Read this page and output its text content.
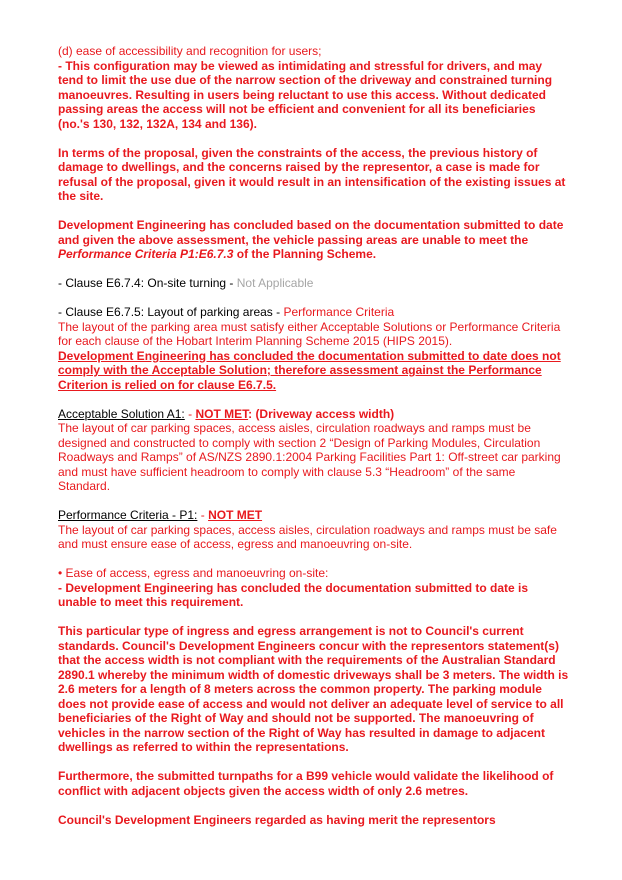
(d) ease of accessibility and recognition for users;

- This configuration may be viewed as intimidating and stressful for drivers, and may tend to limit the use due of the narrow section of the driveway and constrained turning manoeuvres. Resulting in users being reluctant to use this access. Without dedicated passing areas the access will not be efficient and convenient for all its beneficiaries (no.'s 130, 132, 132A, 134 and 136).

In terms of the proposal, given the constraints of the access, the previous history of damage to dwellings, and the concerns raised by the representor, a case is made for refusal of the proposal, given it would result in an intensification of the existing issues at the site.

Development Engineering has concluded based on the documentation submitted to date and given the above assessment, the vehicle passing areas are unable to meet the Performance Criteria P1:E6.7.3 of the Planning Scheme.

- Clause E6.7.4: On-site turning - Not Applicable

- Clause E6.7.5: Layout of parking areas - Performance Criteria

The layout of the parking area must satisfy either Acceptable Solutions or Performance Criteria for each clause of the Hobart Interim Planning Scheme 2015 (HIPS 2015).

Development Engineering has concluded the documentation submitted to date does not comply with the Acceptable Solution; therefore assessment against the Performance Criterion is relied on for clause E6.7.5.

Acceptable Solution A1: - NOT MET: (Driveway access width)

The layout of car parking spaces, access aisles, circulation roadways and ramps must be designed and constructed to comply with section 2 “Design of Parking Modules, Circulation Roadways and Ramps” of AS/NZS 2890.1:2004 Parking Facilities Part 1: Off-street car parking and must have sufficient headroom to comply with clause 5.3 “Headroom” of the same Standard.

Performance Criteria - P1: - NOT MET

The layout of car parking spaces, access aisles, circulation roadways and ramps must be safe and must ensure ease of access, egress and manoeuvring on-site.

• Ease of access, egress and manoeuvring on-site:

- Development Engineering has concluded the documentation submitted to date is unable to meet this requirement.

This particular type of ingress and egress arrangement is not to Council's current standards. Council's Development Engineers concur with the representors statement(s) that the access width is not compliant with the requirements of the Australian Standard 2890.1 whereby the minimum width of domestic driveways shall be 3 meters. The width is 2.6 meters for a length of 8 meters across the common property. The parking module does not provide ease of access and would not deliver an adequate level of service to all beneficiaries of the Right of Way and should not be supported. The manoeuvring of vehicles in the narrow section of the Right of Way has resulted in damage to adjacent dwellings as referred to within the representations.

Furthermore, the submitted turnpaths for a B99 vehicle would validate the likelihood of conflict with adjacent objects given the access width of only 2.6 metres.

Council's Development Engineers regarded as having merit the representors
